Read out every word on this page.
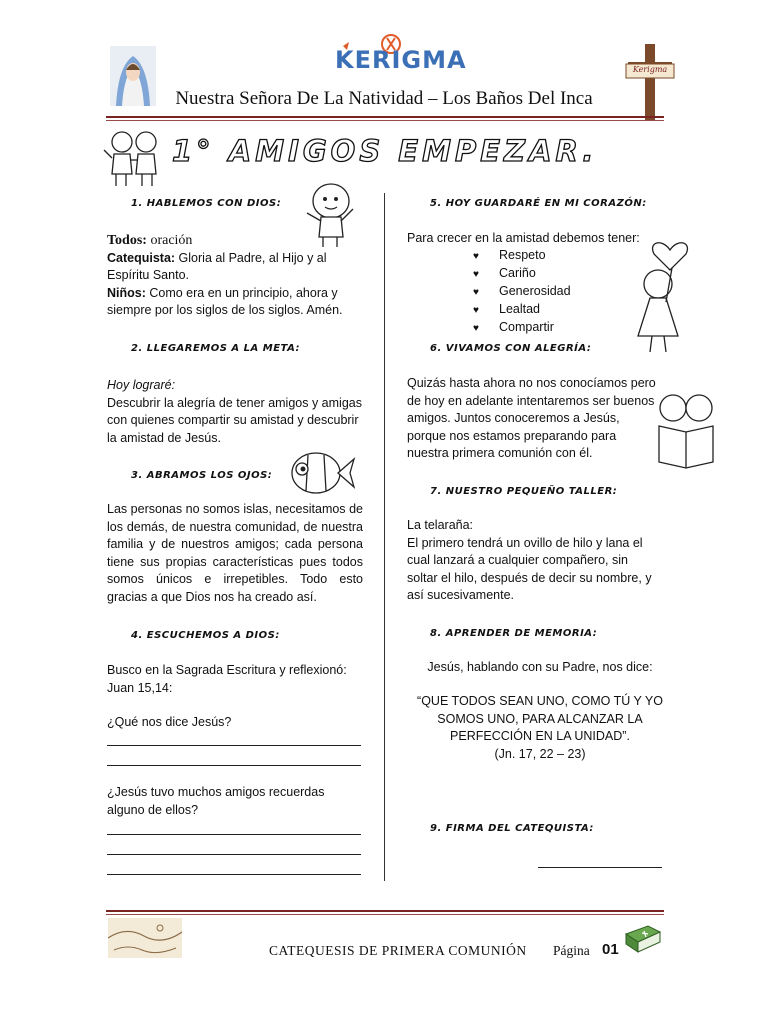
KERIGMA	Kerigma
Nuestra Señora De La Natividad – Los Baños Del Inca
1° AMIGOS EMPEZAR.
1. HABLEMOS CON DIOS:
Todos: oración
Catequista: Gloria al Padre, al Hijo y al Espíritu Santo.
Niños: Como era en un principio, ahora y siempre por los siglos de los siglos. Amén.
2. LLEGAREMOS A LA META:
Hoy lograré:
Descubrir la alegría de tener amigos y amigas con quienes compartir su amistad y descubrir la amistad de Jesús.
3. ABRAMOS LOS OJOS:
Las personas no somos islas, necesitamos de los demás, de nuestra comunidad, de nuestra familia y de nuestros amigos; cada persona tiene sus propias características pues todos somos únicos e irrepetibles. Todo esto gracias a que Dios nos ha creado así.
4. ESCUCHEMOS A DIOS:
Busco en la Sagrada Escritura y reflexionó: Juan 15,14:
¿Qué nos dice Jesús?
¿Jesús tuvo muchos amigos recuerdas alguno de ellos?
5. HOY GUARDARÉ EN MI CORAZÓN:
Para crecer en la amistad debemos tener:
♥ Respeto
♥ Cariño
♥ Generosidad
♥ Lealtad
♥ Compartir
6. VIVAMOS CON ALEGRÍA:
Quizás hasta ahora no nos conocíamos pero de hoy en adelante intentaremos ser buenos amigos. Juntos conoceremos a Jesús, porque nos estamos preparando para nuestra primera comunión con él.
7. NUESTRO PEQUEÑO TALLER:
La telaraña:
El primero tendrá un ovillo de hilo y lana el cual lanzará a cualquier compañero, sin soltar el hilo, después de decir su nombre, y así sucesivamente.
8. APRENDER DE MEMORIA:
Jesús, hablando con su Padre, nos dice:
“QUE TODOS SEAN UNO, COMO TÚ Y YO
SOMOS UNO, PARA ALCANZAR LA
PERFECCIÓN EN LA UNIDAD”.
(Jn. 17, 22 – 23)
9. FIRMA DEL CATEQUISTA:
CATEQUESIS DE PRIMERA COMUNIÓN Página 01
